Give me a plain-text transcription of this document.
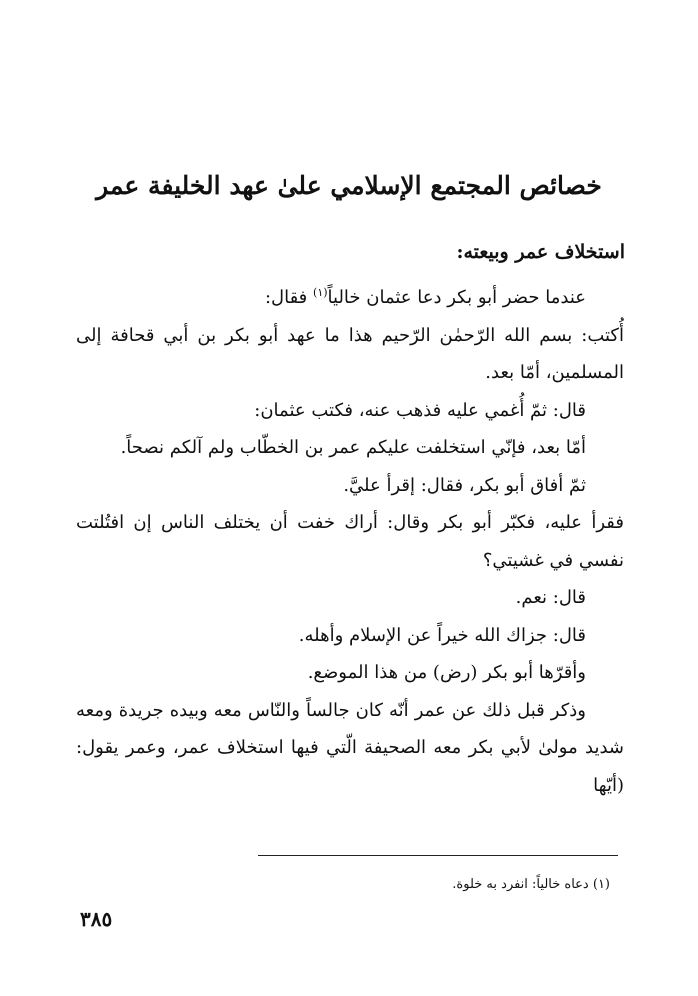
خصائص المجتمع الإسلامي علىٰ عهد الخليفة عمر
استخلاف عمر وبيعته:

عندما حضر أبو بكر دعا عثمان خالياً$^{(١)}$ فقال:

أُكتب: بسم الله الرّحمٰن الرّحيم هذا ما عهد أبو بكر بن أبي قحافة إلى المسلمين، أمّا بعد.

قال: ثمّ أُغمي عليه فذهب عنه، فكتب عثمان:

أمّا بعد، فإنّي استخلفت عليكم عمر بن الخطّاب ولم آلكم نصحاً.

ثمّ أفاق أبو بكر، فقال: إقرأ عليَّ.

فقرأ عليه، فكبّر أبو بكر وقال: أراك خفت أن يختلف الناس إن افتُلتت نفسي في غشيتي؟

قال: نعم.

قال: جزاك الله خيراً عن الإسلام وأهله.

وأقرّها أبو بكر (رض) من هذا الموضع.

وذكر قبل ذلك عن عمر أنّه كان جالساً والنّاس معه وبيده جريدة ومعه شديد مولىٰ لأبي بكر معه الصحيفة الّتي فيها استخلاف عمر، وعمر يقول: (أيّها

(١) دعاه خالياً: انفرد به خلوة.

٣٨٥
